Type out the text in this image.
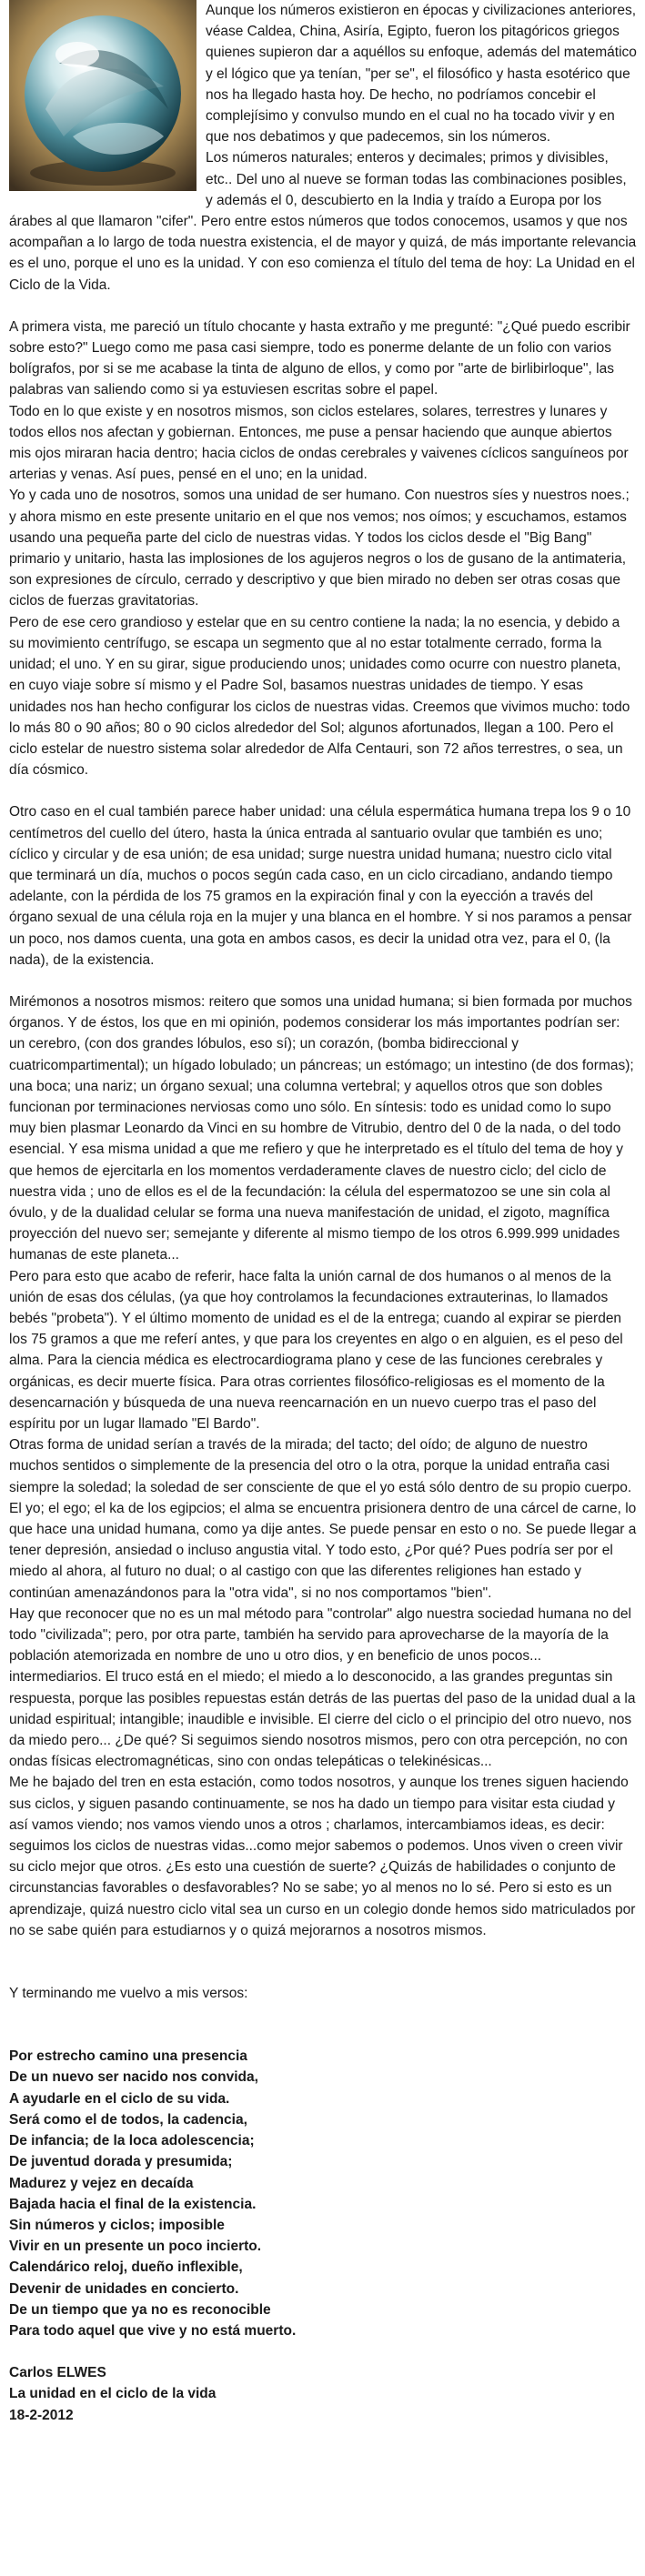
Aunque los números existieron en épocas y civilizaciones anteriores, véase Caldea, China, Asiría, Egipto, fueron los pitagóricos griegos quienes supieron dar a aquéllos su enfoque, además del matemático y el lógico que ya tenían, "per se", el filosófico y hasta esotérico que nos ha llegado hasta hoy. De hecho, no podríamos concebir el complejísimo y convulso mundo en el cual no ha tocado vivir y en que nos debatimos y que padecemos, sin los números.

Los números naturales; enteros y decimales; primos y divisibles, etc.. Del uno al nueve se forman todas las combinaciones posibles, y además el 0, descubierto en la India y traído a Europa por los árabes al que llamaron "cifer". Pero entre estos números que todos conocemos, usamos y que nos acompañan a lo largo de toda nuestra existencia, el de mayor y quizá, de más importante relevancia es el uno, porque el uno es la unidad. Y con eso comienza el título del tema de hoy: La Unidad en el Ciclo de la Vida.

A primera vista, me pareció un título chocante y hasta extraño y me pregunté: "¿Qué puedo escribir sobre esto?" Luego como me pasa casi siempre, todo es ponerme delante de un folio con varios bolígrafos, por si se me acabase la tinta de alguno de ellos, y como por "arte de birlibirloque", las palabras van saliendo como si ya estuviesen escritas sobre el papel.

Todo en lo que existe y en nosotros mismos, son ciclos estelares, solares, terrestres y lunares y todos ellos nos afectan y gobiernan. Entonces, me puse a pensar haciendo que aunque abiertos mis ojos miraran hacia dentro; hacia ciclos de ondas cerebrales y vaivenes cíclicos sanguíneos por arterias y venas. Así pues, pensé en el uno; en la unidad.

Yo y cada uno de nosotros, somos una unidad de ser humano. Con nuestros síes y nuestros noes.; y ahora mismo en este presente unitario en el que nos vemos; nos oímos; y escuchamos, estamos usando una pequeña parte del ciclo de nuestras vidas. Y todos los ciclos desde el "Big Bang" primario y unitario, hasta las implosiones de los agujeros negros o los de gusano de la antimateria, son expresiones de círculo, cerrado y descriptivo y que bien mirado no deben ser otras cosas que ciclos de fuerzas gravitatorias.

Pero de ese cero grandioso y estelar que en su centro contiene la nada; la no esencia, y debido a su movimiento centrífugo, se escapa un segmento que al no estar totalmente cerrado, forma la unidad; el uno. Y en su girar, sigue produciendo unos; unidades como ocurre con nuestro planeta, en cuyo viaje sobre sí mismo y el Padre Sol, basamos nuestras unidades de tiempo. Y esas unidades nos han hecho configurar los ciclos de nuestras vidas. Creemos que vivimos mucho: todo lo más 80 o 90 años; 80 o 90 ciclos alrededor del Sol; algunos afortunados, llegan a 100. Pero el ciclo estelar de nuestro sistema solar alrededor de Alfa Centauri, son 72 años terrestres, o sea, un día cósmico.

Otro caso en el cual también parece haber unidad: una célula espermática humana trepa los 9 o 10 centímetros del cuello del útero, hasta la única entrada al santuario ovular que también es uno; cíclico y circular y de esa unión; de esa unidad; surge nuestra unidad humana; nuestro ciclo vital que terminará un día, muchos o pocos según cada caso, en un ciclo circadiano, andando tiempo adelante, con la pérdida de los 75 gramos en la expiración final y con la eyección a través del órgano sexual de una célula roja en la mujer y una blanca en el hombre. Y si nos paramos a pensar un poco, nos damos cuenta, una gota en ambos casos, es decir la unidad otra vez, para el 0, (la nada), de la existencia.

Mirémonos a nosotros mismos: reitero que somos una unidad humana; si bien formada por muchos órganos. Y de éstos, los que en mi opinión, podemos considerar los más importantes podrían ser: un cerebro, (con dos grandes lóbulos, eso sí); un corazón, (bomba bidireccional y cuatricompartimental); un hígado lobulado; un páncreas; un estómago; un intestino (de dos formas); una boca; una nariz; un órgano sexual; una columna vertebral; y aquellos otros que son dobles funcionan por terminaciones nerviosas como uno sólo. En síntesis: todo es unidad como lo supo muy bien plasmar Leonardo da Vinci en su hombre de Vitrubio, dentro del 0 de la nada, o del todo esencial. Y esa misma unidad a que me refiero y que he interpretado es el título del tema de hoy y que hemos de ejercitarla en los momentos verdaderamente claves de nuestro ciclo; del ciclo de nuestra vida ; uno de ellos es el de la fecundación: la célula del espermatozoo se une sin cola al óvulo, y de la dualidad celular se forma una nueva manifestación de unidad, el zigoto, magnífica proyección del nuevo ser; semejante y diferente al mismo tiempo de los otros 6.999.999 unidades humanas de este planeta...

Pero para esto que acabo de referir, hace falta la unión carnal de dos humanos o al menos de la unión de esas dos células, (ya que hoy controlamos la fecundaciones extrauterinas, lo llamados bebés "probeta"). Y el último momento de unidad es el de la entrega; cuando al expirar se pierden los 75 gramos a que me referí antes, y que para los creyentes en algo o en alguien, es el peso del alma. Para la ciencia médica es electrocardiograma plano y cese de las funciones cerebrales y orgánicas, es decir muerte física. Para otras corrientes filosófico-religiosas es el momento de la desencarnación y búsqueda de una nueva reencarnación en un nuevo cuerpo tras el paso del espíritu por un lugar llamado "El Bardo".

Otras forma de unidad serían a través de la mirada; del tacto; del oído; de alguno de nuestro muchos sentidos o simplemente de la presencia del otro o la otra, porque la unidad entraña casi siempre la soledad; la soledad de ser consciente de que el yo está sólo dentro de su propio cuerpo. El yo; el ego; el ka de los egipcios; el alma se encuentra prisionera dentro de una cárcel de carne, lo que hace una unidad humana, como ya dije antes. Se puede pensar en esto o no. Se puede llegar a tener depresión, ansiedad o incluso angustia vital. Y todo esto, ¿Por qué? Pues podría ser por el miedo al ahora, al futuro no dual; o al castigo con que las diferentes religiones han estado y continúan amenazándonos para la "otra vida", si no nos comportamos "bien".

Hay que reconocer que no es un mal método para "controlar" algo nuestra sociedad humana no del todo "civilizada"; pero, por otra parte, también ha servido para aprovecharse de la mayoría de la población atemorizada en nombre de uno u otro dios, y en beneficio de unos pocos... intermediarios. El truco está en el miedo; el miedo a lo desconocido, a las grandes preguntas sin respuesta, porque las posibles repuestas están detrás de las puertas del paso de la unidad dual a la unidad espiritual; intangible; inaudible e invisible. El cierre del ciclo o el principio del otro nuevo, nos da miedo pero... ¿De qué? Si seguimos siendo nosotros mismos, pero con otra percepción, no con ondas físicas electromagnéticas, sino con ondas telepáticas o telekinésicas...

Me he bajado del tren en esta estación, como todos nosotros, y aunque los trenes siguen haciendo sus ciclos, y siguen pasando continuamente, se nos ha dado un tiempo para visitar esta ciudad y así vamos viendo; nos vamos viendo unos a otros ; charlamos, intercambiamos ideas, es decir: seguimos los ciclos de nuestras vidas...como mejor sabemos o podemos. Unos viven o creen vivir su ciclo mejor que otros. ¿Es esto una cuestión de suerte? ¿Quizás de habilidades o conjunto de circunstancias favorables o desfavorables? No se sabe; yo al menos no lo sé. Pero si esto es un aprendizaje, quizá nuestro ciclo vital sea un curso en un colegio donde hemos sido matriculados por no se sabe quién para estudiarnos y o quizá mejorarnos a nosotros mismos.

Y terminando me vuelvo a mis versos:

Por estrecho camino una presencia

De un nuevo ser nacido nos convida,

A ayudarle en el ciclo de su vida.

Será como el de todos, la cadencia,

De infancia; de la loca adolescencia;

De juventud dorada y presumida;

Madurez y vejez en decaída

Bajada hacia el final de la existencia.

Sin números y ciclos; imposible

Vivir en un presente un poco incierto.

Calendárico reloj, dueño inflexible,

Devenir de unidades en concierto.

De un tiempo que ya no es reconocible

Para todo aquel que vive y no está muerto.

Carlos ELWES

La unidad en el ciclo de la vida

18-2-2012
